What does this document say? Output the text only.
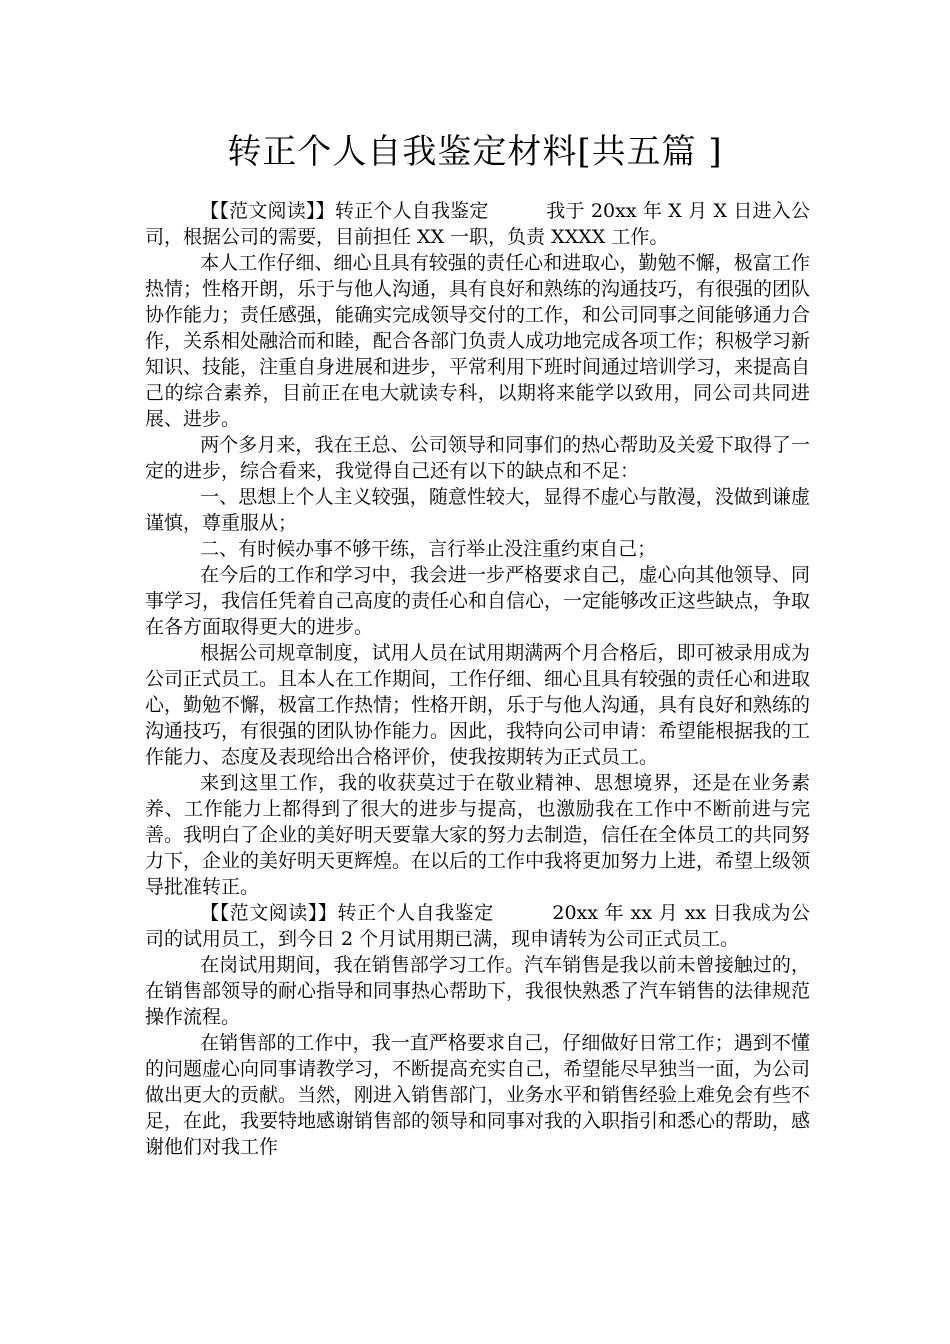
转正个人自我鉴定材料[共五篇 ]

【【范文阅读】】转正个人自我鉴定　　　我于 20xx 年 X 月 X 日进入公司，根据公司的需要，目前担任 XX 一职，负责 XXXX 工作。

本人工作仔细、细心且具有较强的责任心和进取心，勤勉不懈，极富工作热情；性格开朗，乐于与他人沟通，具有良好和熟练的沟通技巧，有很强的团队协作能力；责任感强，能确实完成领导交付的工作，和公司同事之间能够通力合作，关系相处融洽而和睦，配合各部门负责人成功地完成各项工作；积极学习新知识、技能，注重自身进展和进步，平常利用下班时间通过培训学习，来提高自己的综合素养，目前正在电大就读专科，以期将来能学以致用，同公司共同进展、进步。

两个多月来，我在王总、公司领导和同事们的热心帮助及关爱下取得了一定的进步，综合看来，我觉得自己还有以下的缺点和不足：

一、思想上个人主义较强，随意性较大，显得不虚心与散漫，没做到谦虚谨慎，尊重服从；

二、有时候办事不够干练，言行举止没注重约束自己；

在今后的工作和学习中，我会进一步严格要求自己，虚心向其他领导、同事学习，我信任凭着自己高度的责任心和自信心，一定能够改正这些缺点，争取在各方面取得更大的进步。

根据公司规章制度，试用人员在试用期满两个月合格后，即可被录用成为公司正式员工。且本人在工作期间，工作仔细、细心且具有较强的责任心和进取心，勤勉不懈，极富工作热情；性格开朗，乐于与他人沟通，具有良好和熟练的沟通技巧，有很强的团队协作能力。因此，我特向公司申请：希望能根据我的工作能力、态度及表现给出合格评价，使我按期转为正式员工。

来到这里工作，我的收获莫过于在敬业精神、思想境界，还是在业务素养、工作能力上都得到了很大的进步与提高，也激励我在工作中不断前进与完善。我明白了企业的美好明天要靠大家的努力去制造，信任在全体员工的共同努力下，企业的美好明天更辉煌。在以后的工作中我将更加努力上进，希望上级领导批准转正。

【【范文阅读】】转正个人自我鉴定　　　20xx 年 xx 月 xx 日我成为公司的试用员工，到今日 2 个月试用期已满，现申请转为公司正式员工。

在岗试用期间，我在销售部学习工作。汽车销售是我以前未曾接触过的，在销售部领导的耐心指导和同事热心帮助下，我很快熟悉了汽车销售的法律规范操作流程。

在销售部的工作中，我一直严格要求自己，仔细做好日常工作；遇到不懂的问题虚心向同事请教学习，不断提高充实自己，希望能尽早独当一面，为公司做出更大的贡献。当然，刚进入销售部门，业务水平和销售经验上难免会有些不足，在此，我要特地感谢销售部的领导和同事对我的入职指引和悉心的帮助，感谢他们对我工作
